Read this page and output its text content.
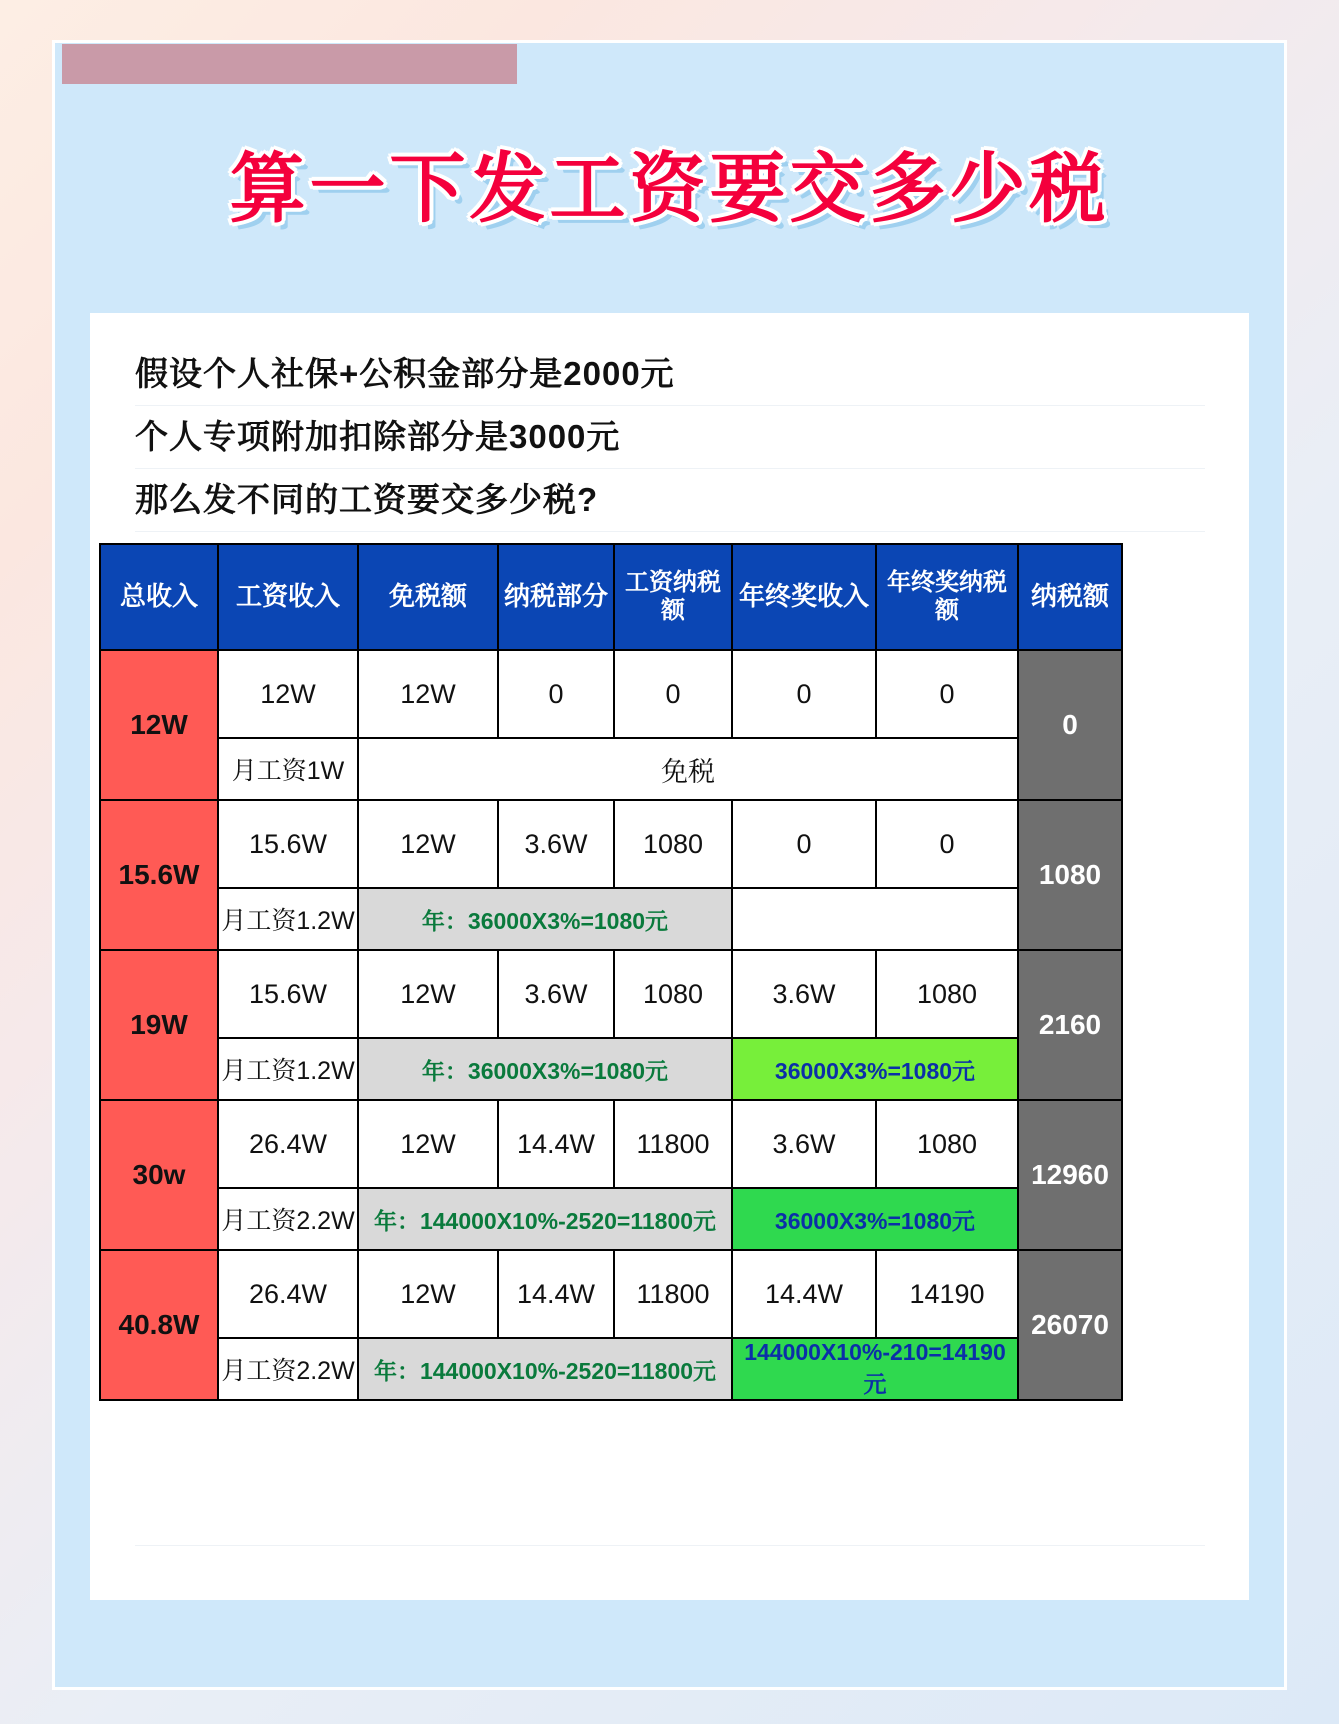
算一下发工资要交多少税
假设个人社保+公积金部分是2000元
个人专项附加扣除部分是3000元
那么发不同的工资要交多少税?
总收入	工资收入	免税额	纳税部分	工资纳税额	年终奖收入	年终奖纳税额	纳税额
12W	12W	12W	0	0	0	0	0
	月工资1W	免税					
15.6W	15.6W	12W	3.6W	1080	0	0	1080
	月工资1.2W	年：36000X3%=1080元					
19W	15.6W	12W	3.6W	1080	3.6W	1080	2160
	月工资1.2W	年：36000X3%=1080元			36000X3%=1080元		
30w	26.4W	12W	14.4W	11800	3.6W	1080	12960
	月工资2.2W	年：144000X10%-2520=11800元			36000X3%=1080元		
40.8W	26.4W	12W	14.4W	11800	14.4W	14190	26070
	月工资2.2W	年：144000X10%-2520=11800元			144000X10%-210=14190元		
